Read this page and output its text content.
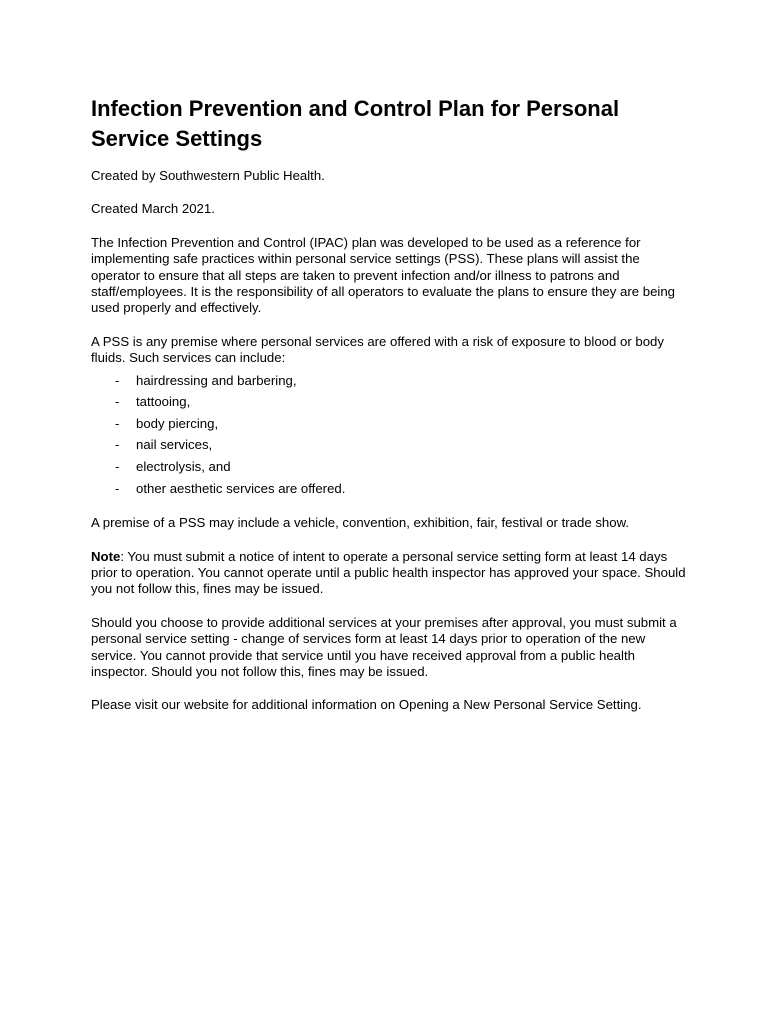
Infection Prevention and Control Plan for Personal Service Settings

Created by Southwestern Public Health.

Created March 2021.

The Infection Prevention and Control (IPAC) plan was developed to be used as a reference for implementing safe practices within personal service settings (PSS). These plans will assist the operator to ensure that all steps are taken to prevent infection and/or illness to patrons and staff/employees. It is the responsibility of all operators to evaluate the plans to ensure they are being used properly and effectively.

A PSS is any premise where personal services are offered with a risk of exposure to blood or body fluids. Such services can include:

-	hairdressing and barbering,
-	tattooing,
-	body piercing,
-	nail services,
-	electrolysis, and
-	other aesthetic services are offered.

A premise of a PSS may include a vehicle, convention, exhibition, fair, festival or trade show.

Note: You must submit a notice of intent to operate a personal service setting form at least 14 days prior to operation. You cannot operate until a public health inspector has approved your space. Should you not follow this, fines may be issued.

Should you choose to provide additional services at your premises after approval, you must submit a personal service setting - change of services form at least 14 days prior to operation of the new service. You cannot provide that service until you have received approval from a public health inspector. Should you not follow this, fines may be issued.

Please visit our website for additional information on Opening a New Personal Service Setting.
